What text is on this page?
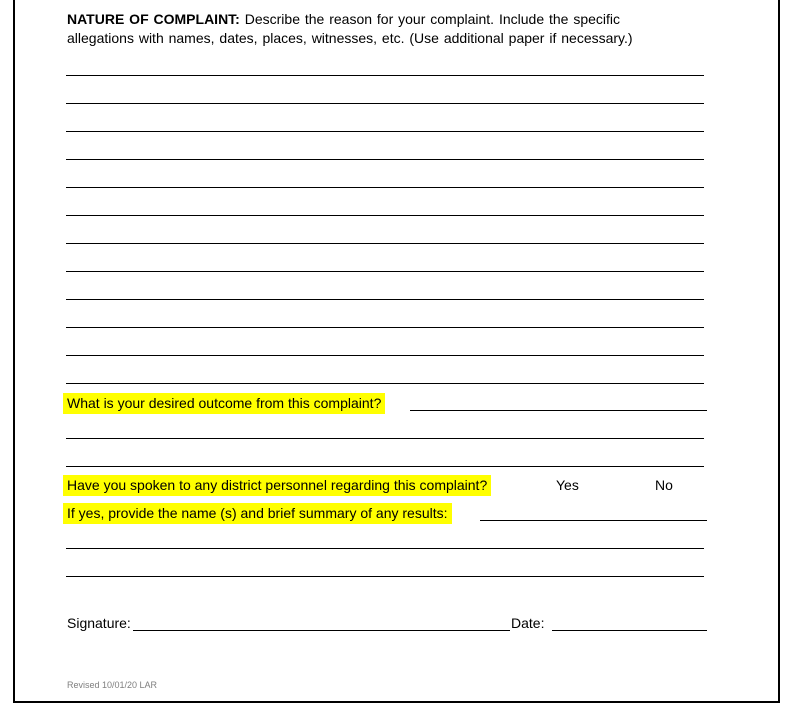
NATURE OF COMPLAINT: Describe the reason for your complaint. Include the specific
allegations with names, dates, places, witnesses, etc. (Use additional paper if necessary.)
What is your desired outcome from this complaint?
Have you spoken to any district personnel regarding this complaint?	Yes	No
If yes, provide the name (s) and brief summary of any results:
Signature:	Date:
Revised 10/01/20 LAR
